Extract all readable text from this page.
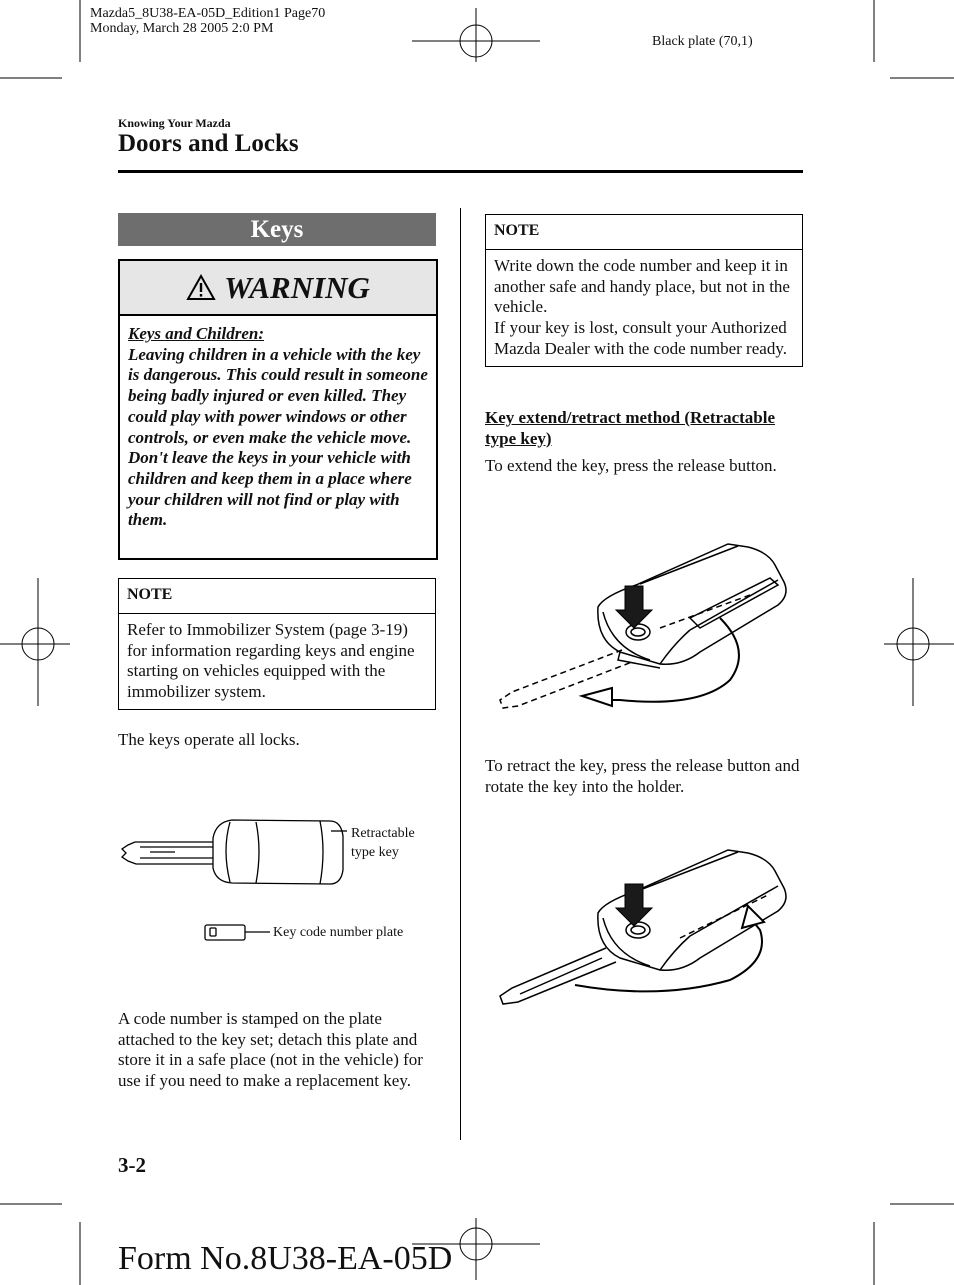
Mazda5_8U38-EA-05D_Edition1 Page70
Monday, March 28 2005 2:0 PM
Black plate (70,1)
Knowing Your Mazda
Doors and Locks
Keys
WARNING
Keys and Children:
Leaving children in a vehicle with the key is dangerous. This could result in someone being badly injured or even killed. They could play with power windows or other controls, or even make the vehicle move. Don't leave the keys in your vehicle with children and keep them in a place where your children will not find or play with them.
NOTE
Refer to Immobilizer System (page 3-19) for information regarding keys and engine starting on vehicles equipped with the immobilizer system.
The keys operate all locks.
Retractable
type key
Key code number plate
A code number is stamped on the plate attached to the key set; detach this plate and store it in a safe place (not in the vehicle) for use if you need to make a replacement key.
NOTE
Write down the code number and keep it in another safe and handy place, but not in the vehicle.
If your key is lost, consult your Authorized Mazda Dealer with the code number ready.
Key extend/retract method (Retractable type key)
To extend the key, press the release button.
To retract the key, press the release button and rotate the key into the holder.
3-2
Form No.8U38-EA-05D
